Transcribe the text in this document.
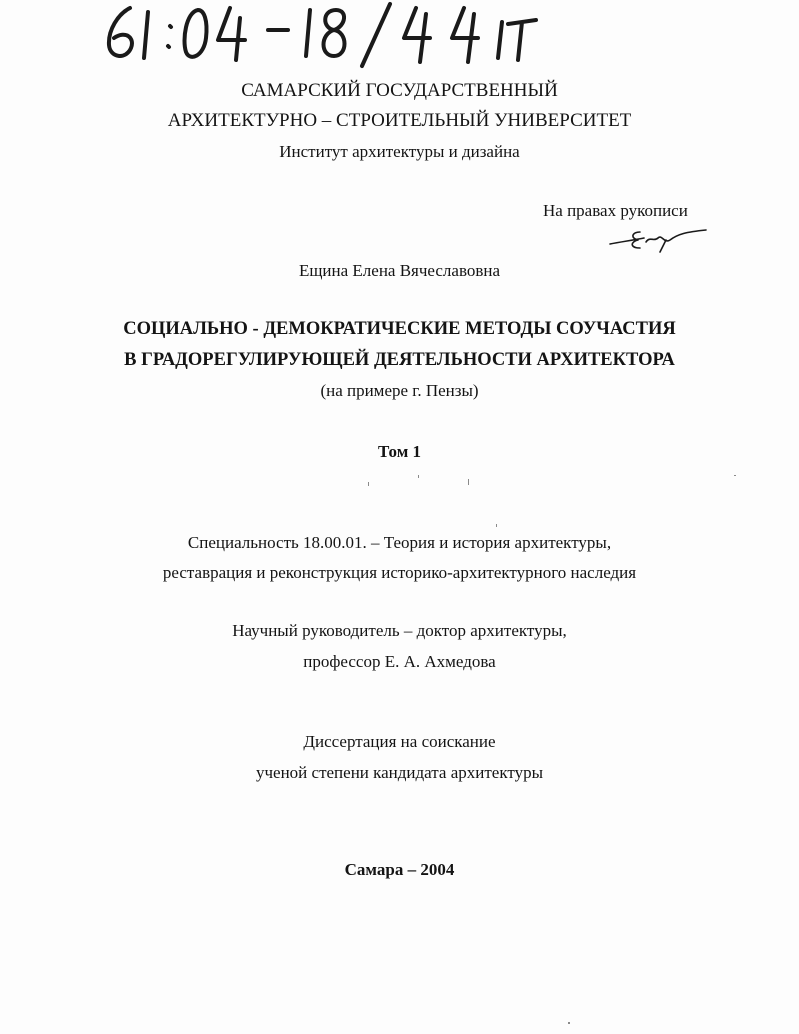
САМАРСКИЙ ГОСУДАРСТВЕННЫЙ
АРХИТЕКТУРНО – СТРОИТЕЛЬНЫЙ УНИВЕРСИТЕТ
Институт архитектуры и дизайна
На правах рукописи
Ещина Елена Вячеславовна
СОЦИАЛЬНО - ДЕМОКРАТИЧЕСКИЕ МЕТОДЫ СОУЧАСТИЯ
В ГРАДОРЕГУЛИРУЮЩЕЙ ДЕЯТЕЛЬНОСТИ АРХИТЕКТОРА
(на примере г. Пензы)
Том 1
Специальность 18.00.01. – Теория и история архитектуры,
реставрация и реконструкция историко-архитектурного наследия
Научный руководитель – доктор архитектуры,
профессор Е. А. Ахмедова
Диссертация на соискание
ученой степени кандидата архитектуры
Самара – 2004
